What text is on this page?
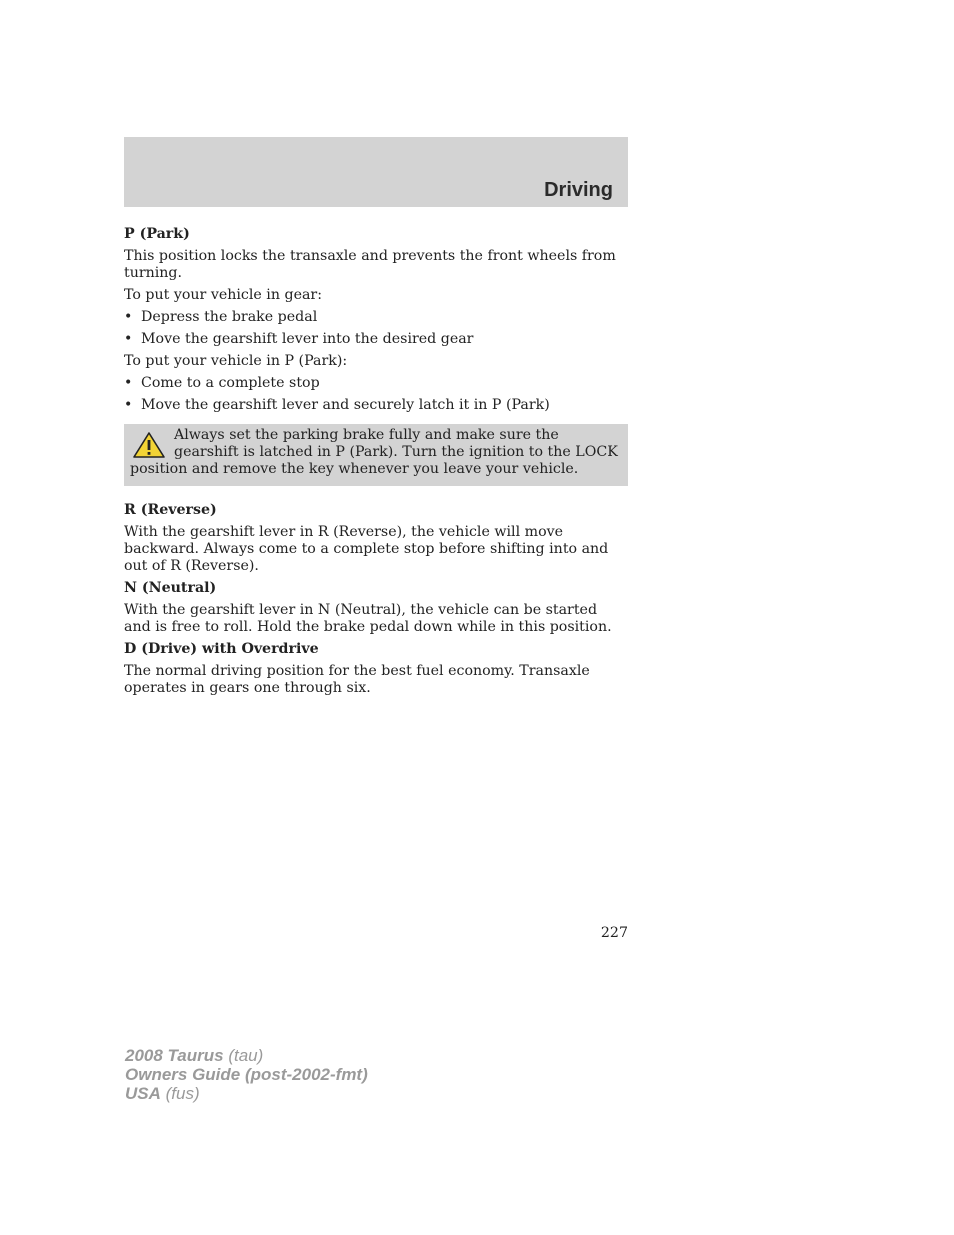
Driving

P (Park)

This position locks the transaxle and prevents the front wheels from turning.

To put your vehicle in gear:

• Depress the brake pedal
• Move the gearshift lever into the desired gear

To put your vehicle in P (Park):

• Come to a complete stop
• Move the gearshift lever and securely latch it in P (Park)

Always set the parking brake fully and make sure the gearshift is latched in P (Park). Turn the ignition to the LOCK position and remove the key whenever you leave your vehicle.

R (Reverse)

With the gearshift lever in R (Reverse), the vehicle will move backward. Always come to a complete stop before shifting into and out of R (Reverse).

N (Neutral)

With the gearshift lever in N (Neutral), the vehicle can be started and is free to roll. Hold the brake pedal down while in this position.

D (Drive) with Overdrive

The normal driving position for the best fuel economy. Transaxle operates in gears one through six.

227
2008 Taurus (tau)
Owners Guide (post-2002-fmt)
USA (fus)
